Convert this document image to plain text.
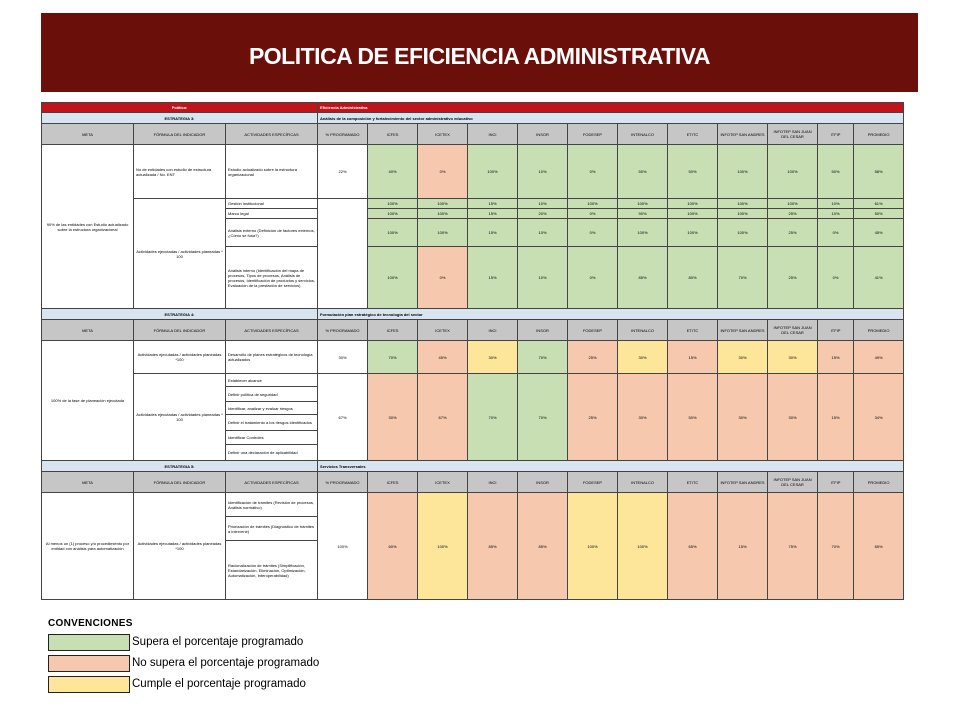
POLITICA DE EFICIENCIA ADMINISTRATIVA
Política:			Eficiencia Administrativa											
ESTRATEGIA 3:			Análisis de la composición y fortalecimiento del sector administrativo educativo											
META	FÓRMULA DEL INDICADOR	ACTIVIDADES ESPECÍFICAS	% PROGRAMADO	ICFES	ICETEX	INCI	INSOR	FODESEP	INTENALCO	ETITC	INFOTEP SAN ANDRES	INFOTEP SAN JUAN DEL CESAR	ITFIP	PROMEDIO
90% de las entidades con Estudio actualizado sobre la estructura organizacional	No de entidades con estudio de estructura actualizada / No. ENT	Estudio actualizado sobre la estructura organizacional	22%	40%	0%	100%	10%	0%	50%	50%	100%	100%	50%	58%
	Actividades ejecutadas / actividades planeadas * 100	Gestión institucional		100%	100%	15%	10%	100%	100%	100%	100%	100%	10%	61%
		Marco legal		100%	100%	15%	20%	0%	90%	100%	100%	25%	10%	50%
		Análisis externo (Definición de factores externos, ¿Cómo se fusa?)		100%	100%	15%	10%	0%	100%	100%	100%	25%	0%	45%
		Análisis interno (Identificación del mapa de procesos, Tipos de procesos, Análisis de procesos, Identificación de productos y servicios, Evaluación de la prestación de servicios)		100%	0%	15%	10%	0%	85%	80%	70%	25%	0%	41%
ESTRATEGIA 4:			Formulación plan estratégico de tecnología del sector											
META	FÓRMULA DEL INDICADOR	ACTIVIDADES ESPECÍFICAS	% PROGRAMADO	ICFES	ICETEX	INCI	INSOR	FODESEP	INTENALCO	ETITC	INFOTEP SAN ANDRES	INFOTEP SAN JUAN DEL CESAR	ITFIP	PROMEDIO
100% de la fase de planeación ejecutada	Actividades ejecutadas / actividades planeadas *100	Desarrollo de planes estratégicos de tecnología actualizados	30%	70%	45%	30%	70%	25%	30%	15%	30%	30%	15%	49%
	Actividades ejecutadas / actividades planeadas * 100	Establecer alcance	67%	30%	67%	70%	70%	25%	30%	50%	30%	30%	15%	34%
		Definir política de seguridad												
		Identificar, analizar y evaluar riesgos												
		Definir el tratamiento a los riesgos identificados												
		Identificar Controles												
		Definir una declaración de aplicabilidad												
ESTRATEGIA 5:			Servicios Transversales											
META	FÓRMULA DEL INDICADOR	ACTIVIDADES ESPECÍFICAS	% PROGRAMADO	ICFES	ICETEX	INCI	INSOR	FODESEP	INTENALCO	ETITC	INFOTEP SAN ANDRES	INFOTEP SAN JUAN DEL CESAR	ITFIP	PROMEDIO
Al menos un (1) proceso y/o procedimiento por entidad con análisis para automatización	Actividades ejecutadas / actividades planeadas *100	Identificación de trámites (Revisión de procesos, Análisis normativo)	100%	60%	100%	85%	85%	100%	100%	65%	15%	75%	70%	65%
		Priorización de trámites (Diagnóstico de trámites a intervenir)												
		Racionalización de trámites (Simplificación, Estandarización, Eliminación, Optimización, Automatización, Interoperabilidad)												
CONVENCIONES
Supera el porcentaje programado
No supera el porcentaje programado
Cumple el porcentaje programado
